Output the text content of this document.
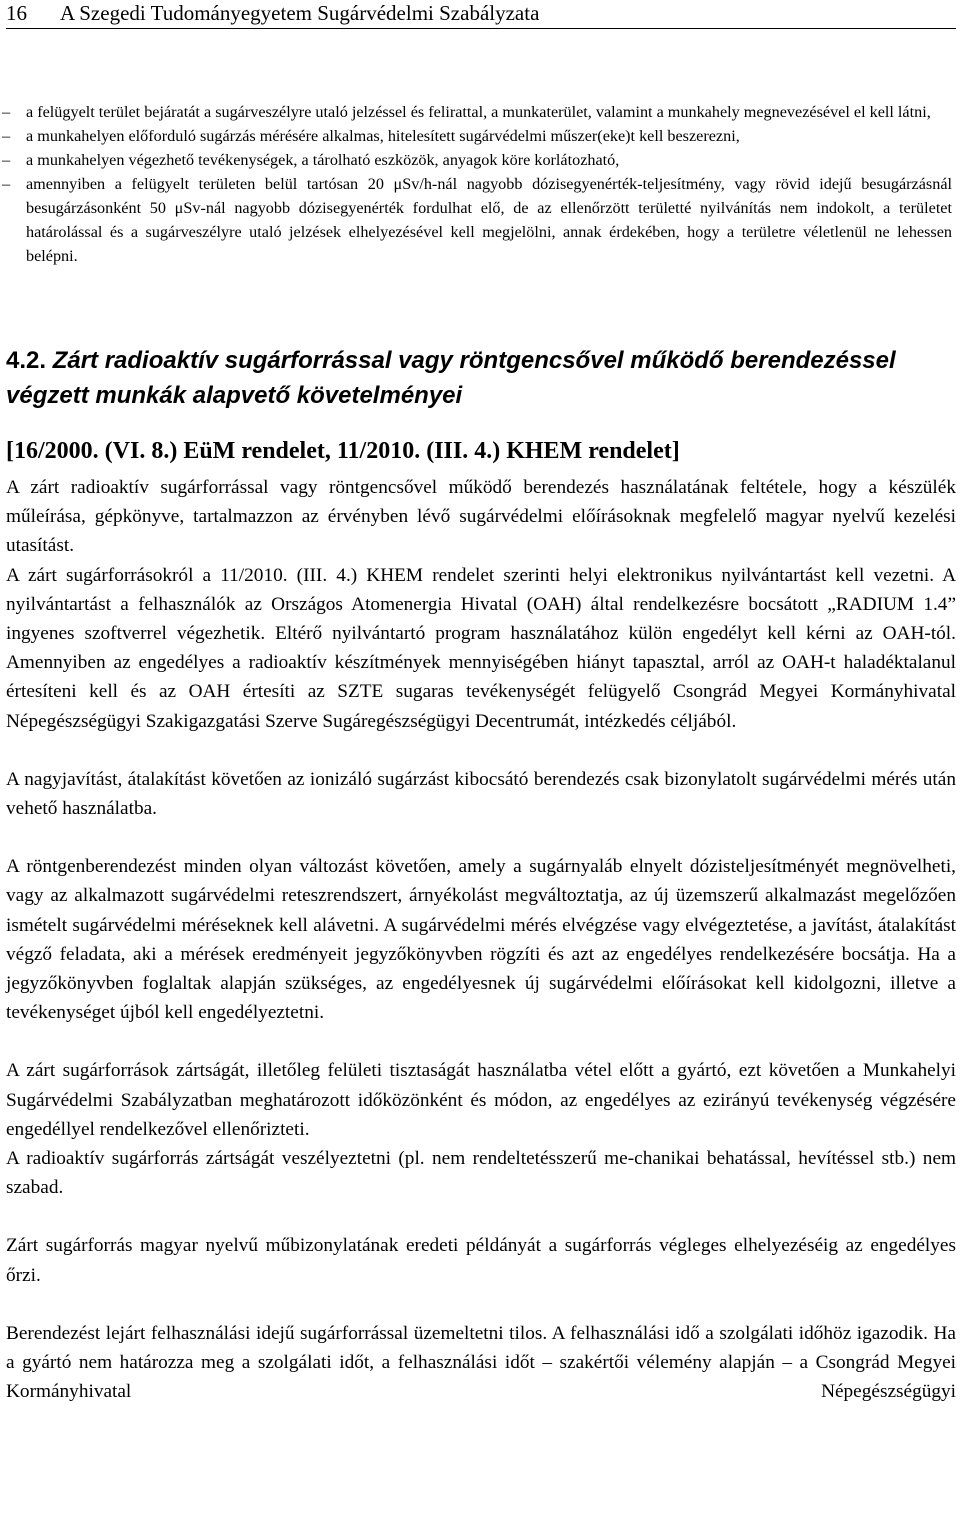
16 A Szegedi Tudományegyetem Sugárvédelmi Szabályzata
– a felügyelt terület bejáratát a sugárveszélyre utaló jelzéssel és felirattal, a munkaterület, valamint a munkahely megnevezésével el kell látni,

– a munkahelyen előforduló sugárzás mérésére alkalmas, hitelesített sugárvédelmi műszer(eke)t kell beszerezni,

– a munkahelyen végezhető tevékenységek, a tárolható eszközök, anyagok köre korlátozható,

– amennyiben a felügyelt területen belül tartósan 20 μSv/h-nál nagyobb dózisegyenérték-teljesítmény, vagy rövid idejű besugárzásnál besugárzásonként 50 μSv-nál nagyobb dózisegyenérték fordulhat elő, de az ellenőrzött területté nyilvánítás nem indokolt, a területet határolással és a sugárveszélyre utaló jelzések elhelyezésével kell megjelölni, annak érdekében, hogy a területre véletlenül ne lehessen belépni.

4.2. Zárt radioaktív sugárforrással vagy röntgencsővel működő berendezéssel végzett munkák alapvető követelményei
[16/2000. (VI. 8.) EüM rendelet, 11/2010. (III. 4.) KHEM rendelet]

A zárt radioaktív sugárforrással vagy röntgencsővel működő berendezés használatának feltétele, hogy a készülék műleírása, gépkönyve, tartalmazzon az érvényben lévő sugárvédelmi előírásoknak megfelelő magyar nyelvű kezelési utasítást.

A zárt sugárforrásokról a 11/2010. (III. 4.) KHEM rendelet szerinti helyi elektronikus nyilvántartást kell vezetni. A nyilvántartást a felhasználók az Országos Atomenergia Hivatal (OAH) által rendelkezésre bocsátott „RADIUM 1.4” ingyenes szoftverrel végezhetik. Eltérő nyilvántartó program használatához külön engedélyt kell kérni az OAH-tól. Amennyiben az engedélyes a radioaktív készítmények mennyiségében hiányt tapasztal, arról az OAH-t haladéktalanul értesíteni kell és az OAH értesíti az SZTE sugaras tevékenységét felügyelő Csongrád Megyei Kormányhivatal Népegészségügyi Szakigazgatási Szerve Sugáregészségügyi Decentrumát, intézkedés céljából.

A nagyjavítást, átalakítást követően az ionizáló sugárzást kibocsátó berendezés csak bizonylatolt sugárvédelmi mérés után vehető használatba.

A röntgenberendezést minden olyan változást követően, amely a sugárnyaláb elnyelt dózisteljesítményét megnövelheti, vagy az alkalmazott sugárvédelmi reteszrendszert, árnyékolást megváltoztatja, az új üzemszerű alkalmazást megelőzően ismételt sugárvédelmi méréseknek kell alávetni. A sugárvédelmi mérés elvégzése vagy elvégeztetése, a javítást, átalakítást végző feladata, aki a mérések eredményeit jegyzőkönyvben rögzíti és azt az engedélyes rendelkezésére bocsátja. Ha a jegyzőkönyvben foglaltak alapján szükséges, az engedélyesnek új sugárvédelmi előírásokat kell kidolgozni, illetve a tevékenységet újból kell engedélyeztetni.

A zárt sugárforrások zártságát, illetőleg felületi tisztaságát használatba vétel előtt a gyártó, ezt követően a Munkahelyi Sugárvédelmi Szabályzatban meghatározott időközönként és módon, az engedélyes az ezirányú tevékenység végzésére engedéllyel rendelkezővel ellenőrizteti.

A radioaktív sugárforrás zártságát veszélyeztetni (pl. nem rendeltetésszerű me-chanikai behatással, hevítéssel stb.) nem szabad.

Zárt sugárforrás magyar nyelvű műbizonylatának eredeti példányát a sugárforrás végleges elhelyezéséig az engedélyes őrzi.

Berendezést lejárt felhasználási idejű sugárforrással üzemeltetni tilos. A felhasználási idő a szolgálati időhöz igazodik. Ha a gyártó nem határozza meg a szolgálati időt, a felhasználási időt – szakértői vélemény alapján – a Csongrád Megyei Kormányhivatal Népegészségügyi
